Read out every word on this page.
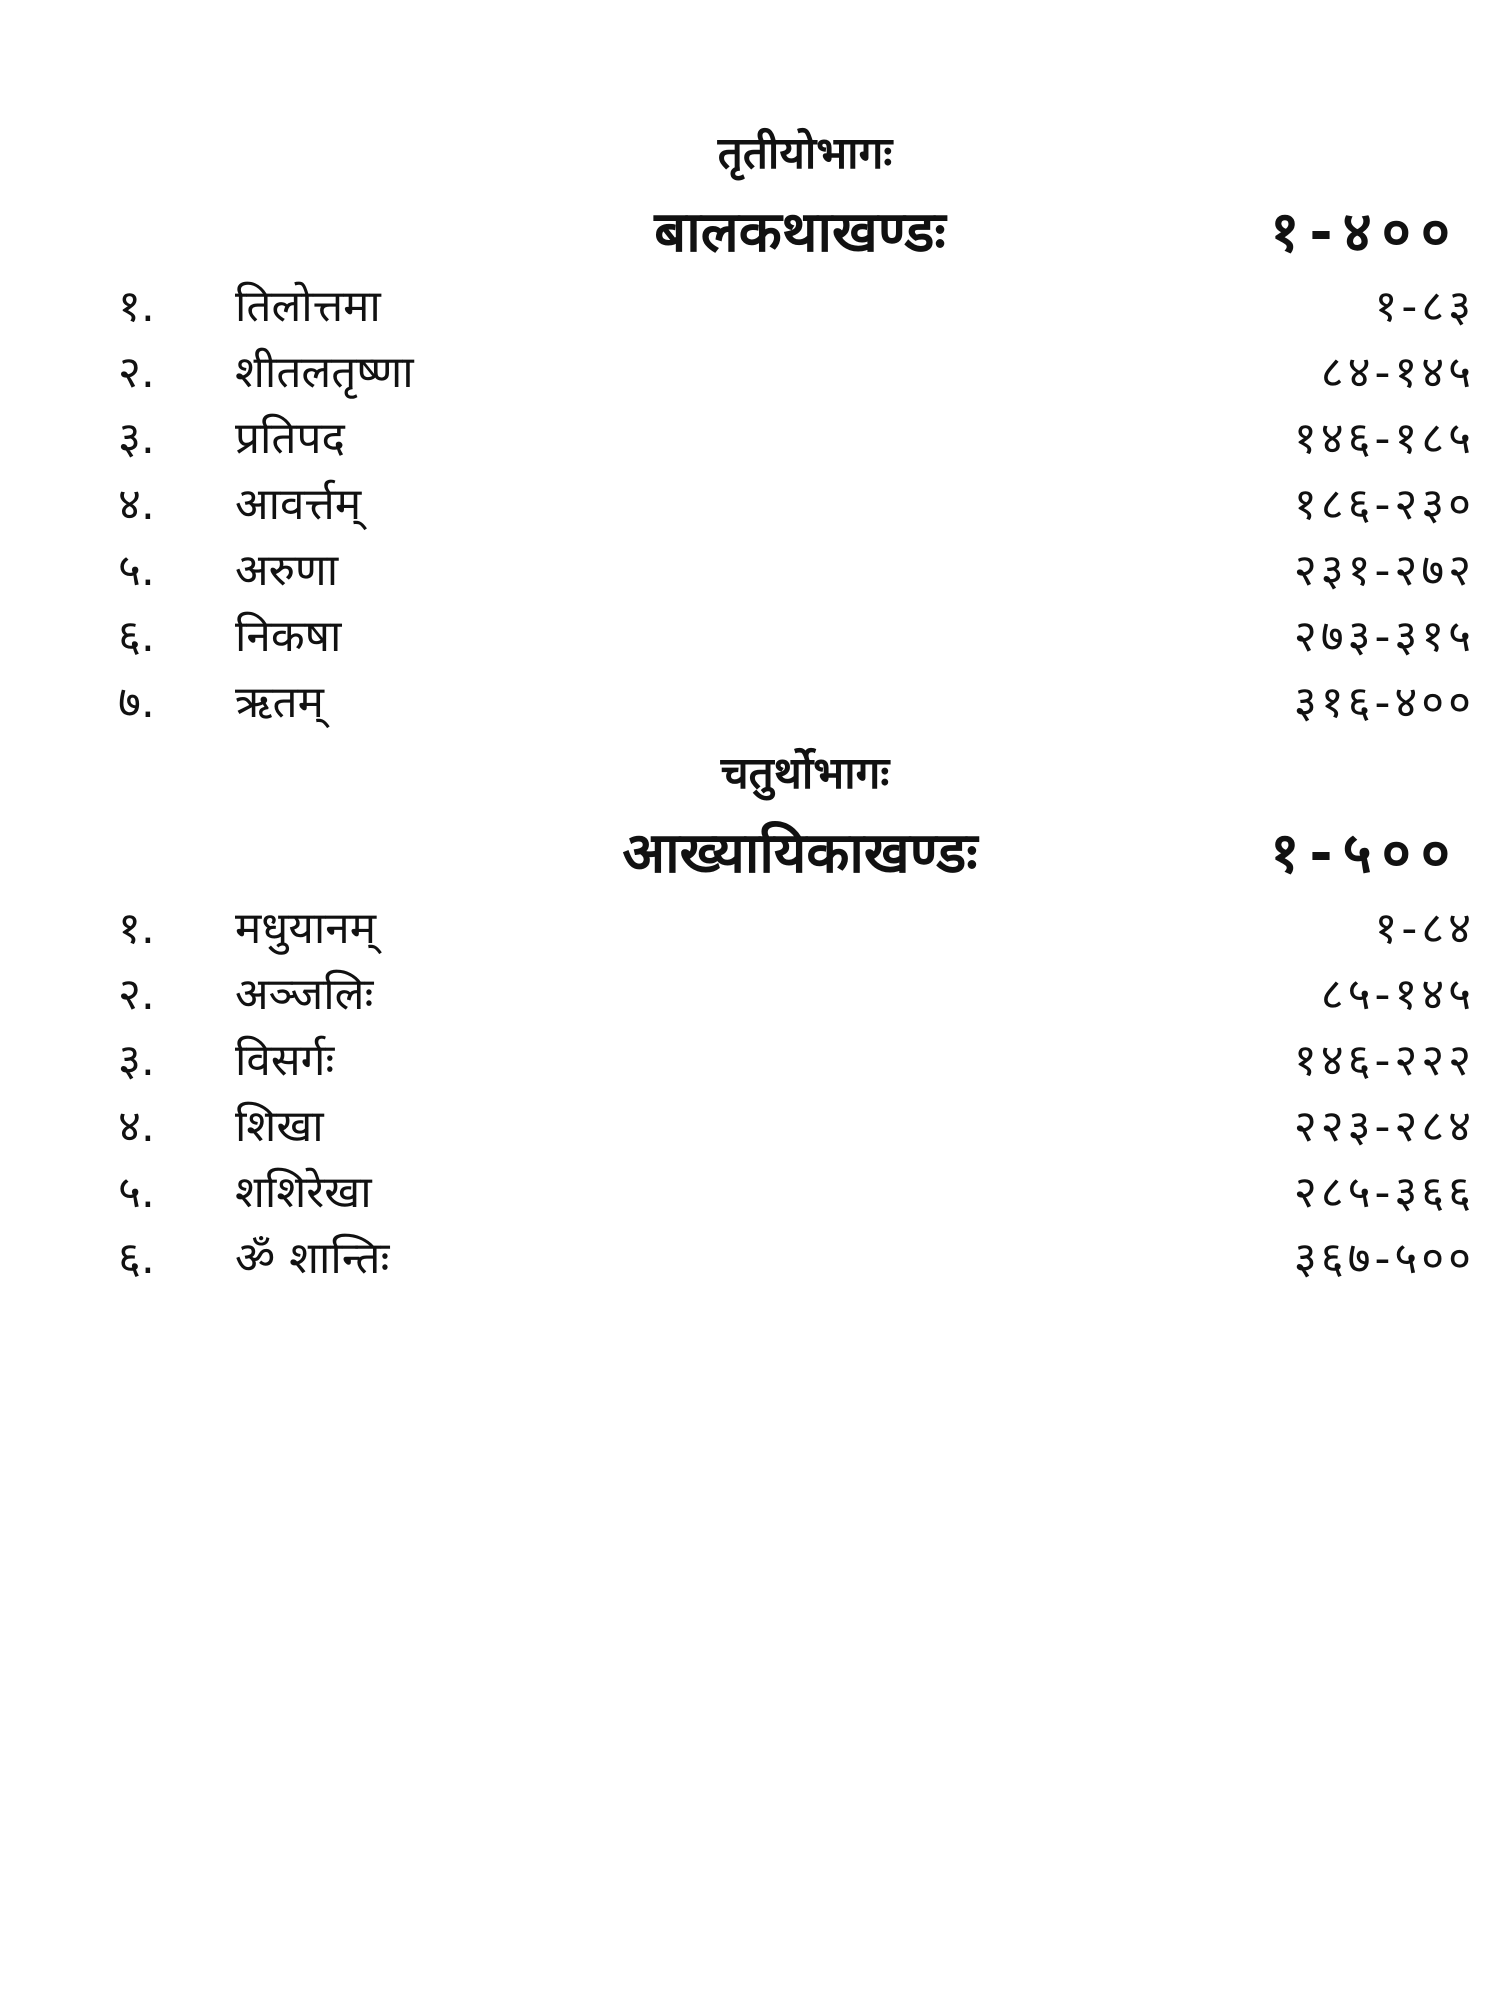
तृतीयोभागः
बालकथाखण्डः	१-४००
१. तिलोत्तमा	१-८३
२. शीतलतृष्णा	८४-१४५
३. प्रतिपद	१४६-१८५
४. आवर्त्तम्	१८६-२३०
५. अरुणा	२३१-२७२
६. निकषा	२७३-३१५
७. ऋतम्	३१६-४००
चतुर्थोभागः
आख्यायिकाखण्डः	१-५००
१. मधुयानम्	१-८४
२. अञ्जलिः	८५-१४५
३. विसर्गः	१४६-२२२
४. शिखा	२२३-२८४
५. शशिरेखा	२८५-३६६
६. ॐ शान्तिः	३६७-५००
